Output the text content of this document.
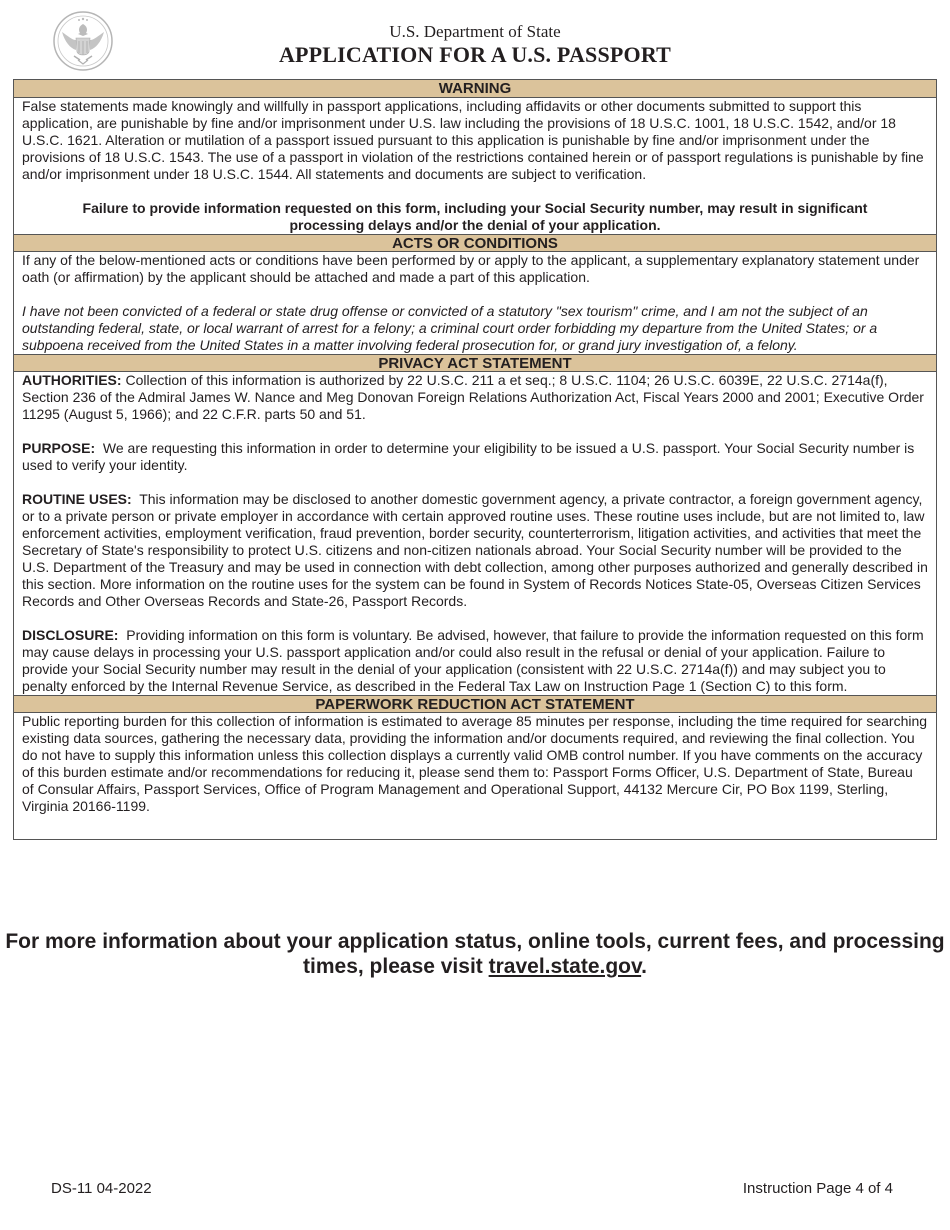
U.S. Department of State
APPLICATION FOR A U.S. PASSPORT
WARNING

False statements made knowingly and willfully in passport applications, including affidavits or other documents submitted to support this application, are punishable by fine and/or imprisonment under U.S. law including the provisions of 18 U.S.C. 1001, 18 U.S.C. 1542, and/or 18 U.S.C. 1621. Alteration or mutilation of a passport issued pursuant to this application is punishable by fine and/or imprisonment under the provisions of 18 U.S.C. 1543. The use of a passport in violation of the restrictions contained herein or of passport regulations is punishable by fine and/or imprisonment under 18 U.S.C. 1544. All statements and documents are subject to verification.

Failure to provide information requested on this form, including your Social Security number, may result in significant processing delays and/or the denial of your application.

ACTS OR CONDITIONS

If any of the below-mentioned acts or conditions have been performed by or apply to the applicant, a supplementary explanatory statement under oath (or affirmation) by the applicant should be attached and made a part of this application.

I have not been convicted of a federal or state drug offense or convicted of a statutory "sex tourism" crime, and I am not the subject of an outstanding federal, state, or local warrant of arrest for a felony; a criminal court order forbidding my departure from the United States; or a subpoena received from the United States in a matter involving federal prosecution for, or grand jury investigation of, a felony.

PRIVACY ACT STATEMENT

AUTHORITIES: Collection of this information is authorized by 22 U.S.C. 211 a et seq.; 8 U.S.C. 1104; 26 U.S.C. 6039E, 22 U.S.C. 2714a(f), Section 236 of the Admiral James W. Nance and Meg Donovan Foreign Relations Authorization Act, Fiscal Years 2000 and 2001; Executive Order 11295 (August 5, 1966); and 22 C.F.R. parts 50 and 51.

PURPOSE: We are requesting this information in order to determine your eligibility to be issued a U.S. passport. Your Social Security number is used to verify your identity.

ROUTINE USES: This information may be disclosed to another domestic government agency, a private contractor, a foreign government agency, or to a private person or private employer in accordance with certain approved routine uses. These routine uses include, but are not limited to, law enforcement activities, employment verification, fraud prevention, border security, counterterrorism, litigation activities, and activities that meet the Secretary of State's responsibility to protect U.S. citizens and non-citizen nationals abroad. Your Social Security number will be provided to the U.S. Department of the Treasury and may be used in connection with debt collection, among other purposes authorized and generally described in this section. More information on the routine uses for the system can be found in System of Records Notices State-05, Overseas Citizen Services Records and Other Overseas Records and State-26, Passport Records.

DISCLOSURE: Providing information on this form is voluntary. Be advised, however, that failure to provide the information requested on this form may cause delays in processing your U.S. passport application and/or could also result in the refusal or denial of your application. Failure to provide your Social Security number may result in the denial of your application (consistent with 22 U.S.C. 2714a(f)) and may subject you to penalty enforced by the Internal Revenue Service, as described in the Federal Tax Law on Instruction Page 1 (Section C) to this form.

PAPERWORK REDUCTION ACT STATEMENT

Public reporting burden for this collection of information is estimated to average 85 minutes per response, including the time required for searching existing data sources, gathering the necessary data, providing the information and/or documents required, and reviewing the final collection. You do not have to supply this information unless this collection displays a currently valid OMB control number. If you have comments on the accuracy of this burden estimate and/or recommendations for reducing it, please send them to: Passport Forms Officer, U.S. Department of State, Bureau of Consular Affairs, Passport Services, Office of Program Management and Operational Support, 44132 Mercure Cir, PO Box 1199, Sterling, Virginia 20166-1199.

For more information about your application status, online tools, current fees, and processing times, please visit travel.state.gov.
DS-11 04-2022	Instruction Page 4 of 4
